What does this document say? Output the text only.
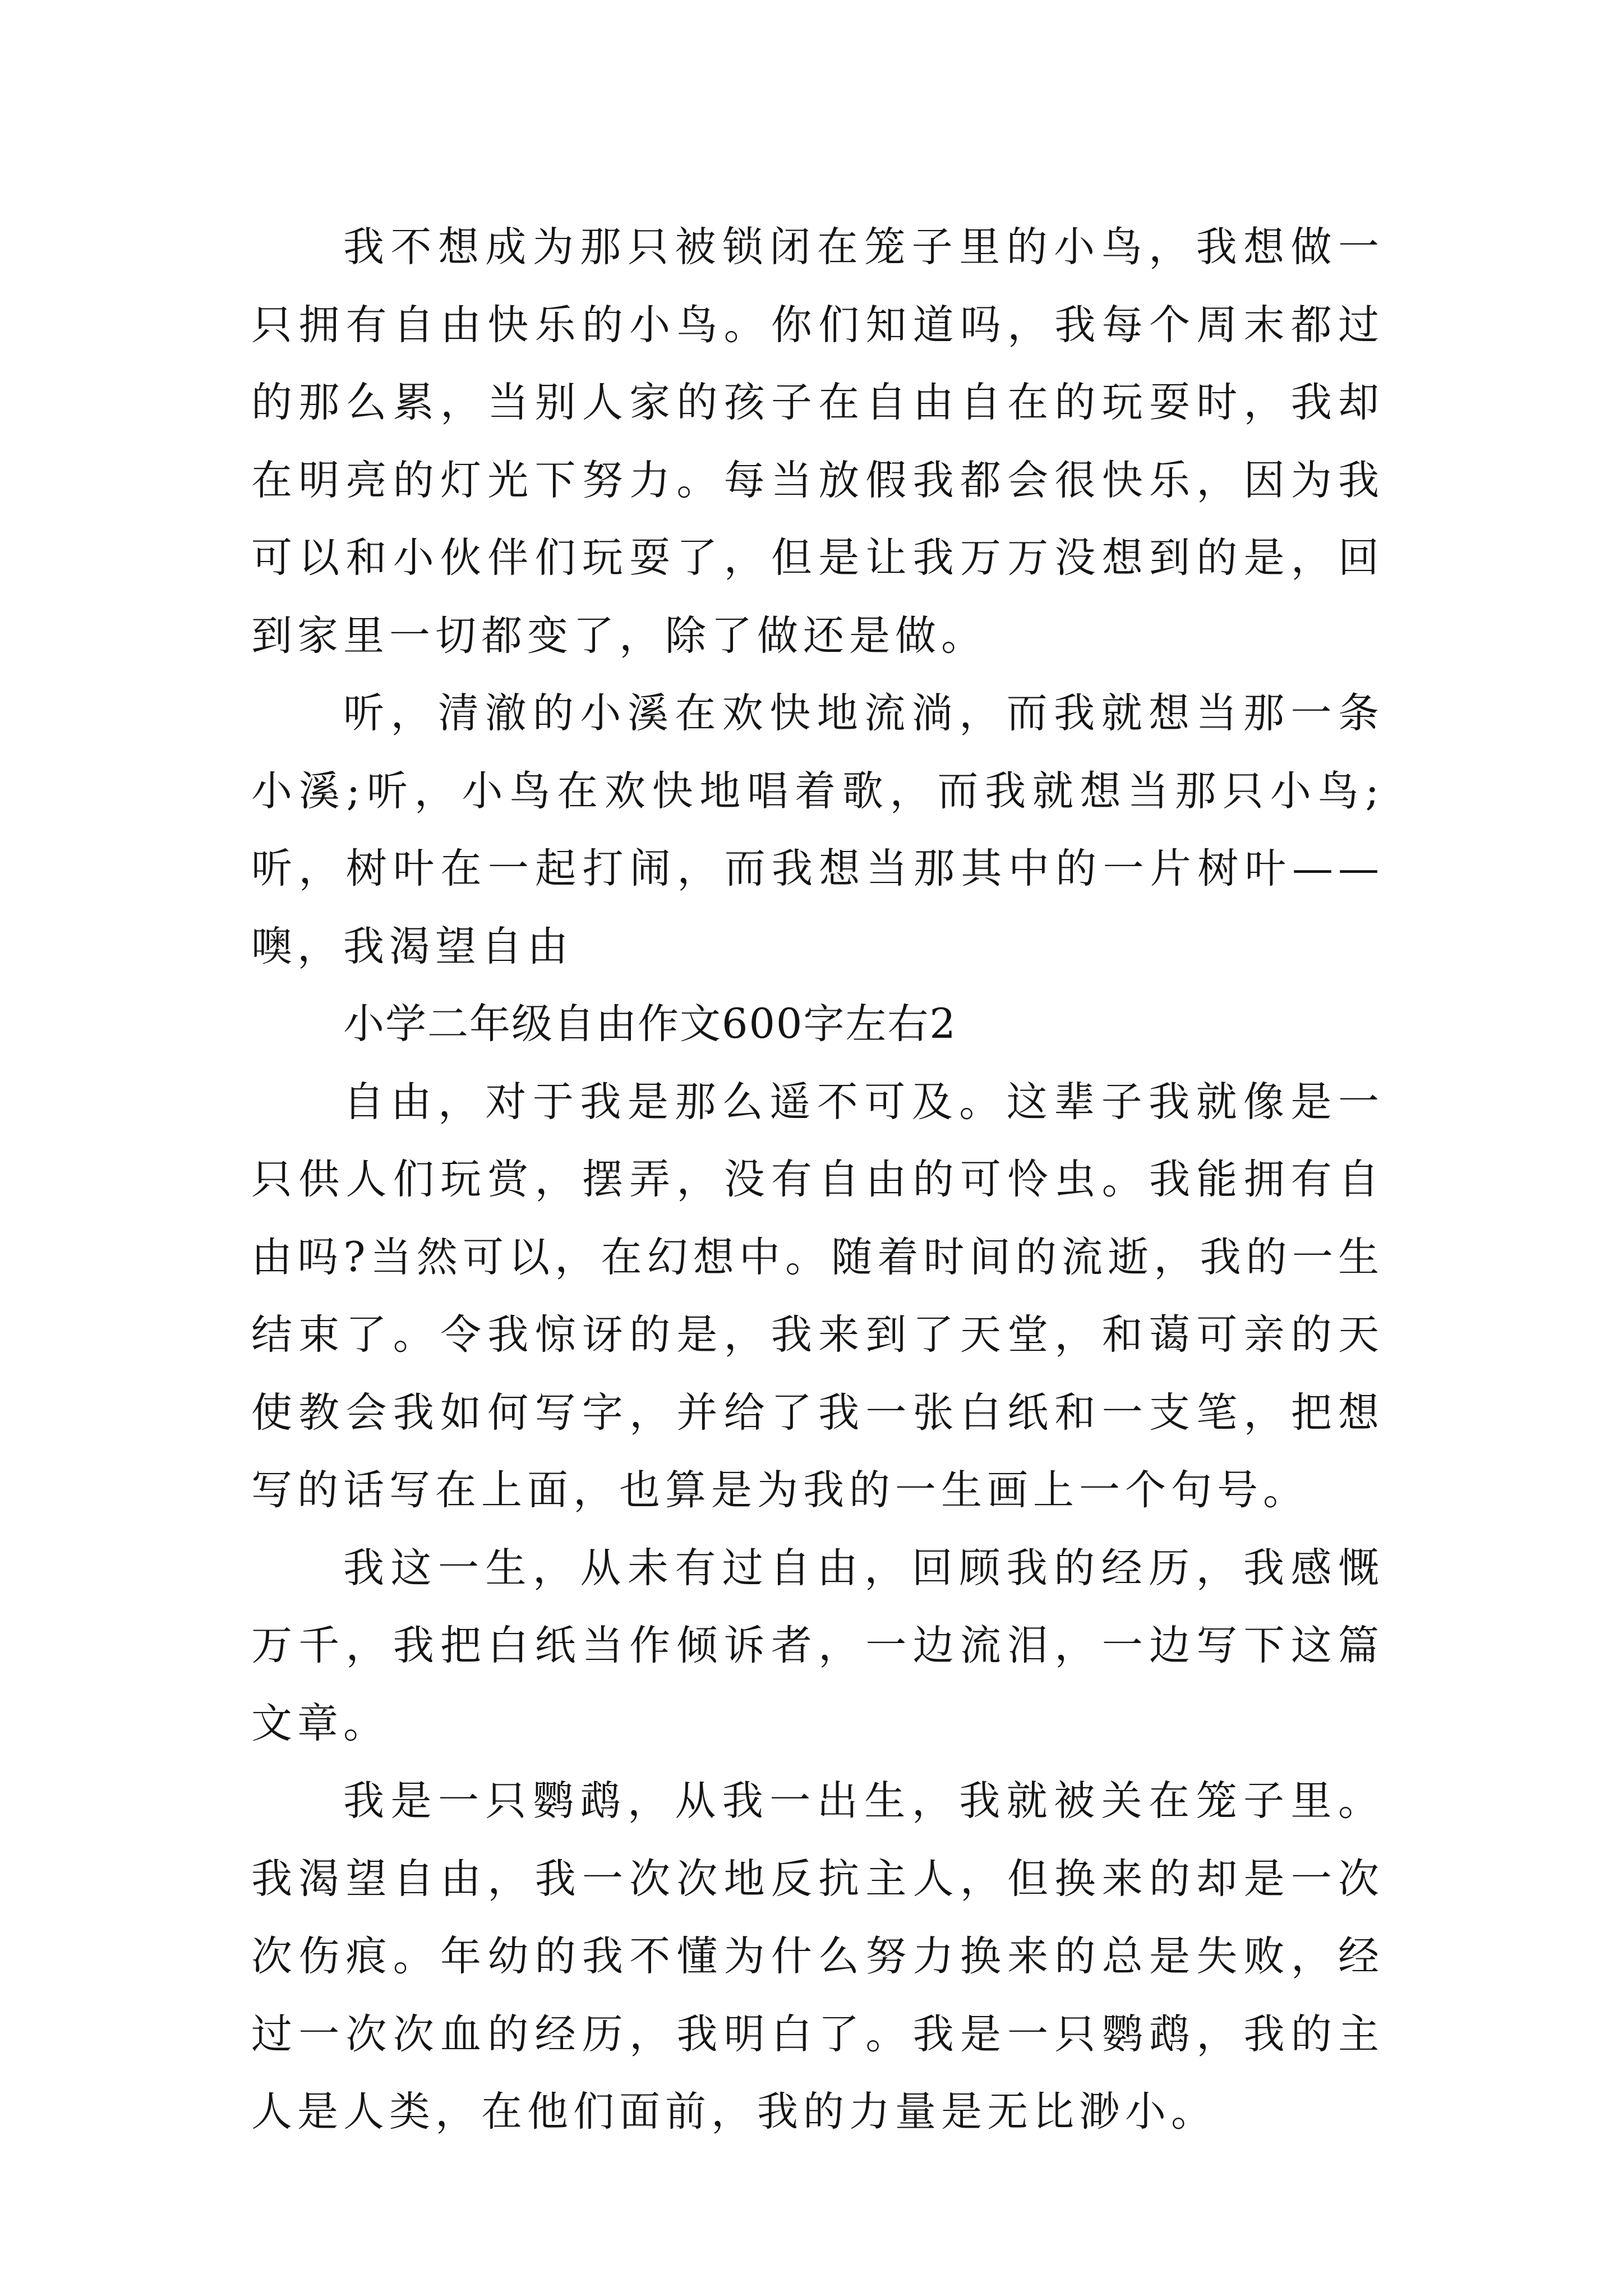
我不想成为那只被锁闭在笼子里的小鸟，我想做一只拥有自由快乐的小鸟。你们知道吗，我每个周末都过的那么累，当别人家的孩子在自由自在的玩耍时，我却在明亮的灯光下努力。每当放假我都会很快乐，因为我可以和小伙伴们玩耍了，但是让我万万没想到的是，回到家里一切都变了，除了做还是做。

听，清澈的小溪在欢快地流淌，而我就想当那一条小溪;听，小鸟在欢快地唱着歌，而我就想当那只小鸟;听，树叶在一起打闹，而我想当那其中的一片树叶——噢，我渴望自由

小学二年级自由作文600字左右2

自由，对于我是那么遥不可及。这辈子我就像是一只供人们玩赏，摆弄，没有自由的可怜虫。我能拥有自由吗?当然可以，在幻想中。随着时间的流逝，我的一生结束了。令我惊讶的是，我来到了天堂，和蔼可亲的天使教会我如何写字，并给了我一张白纸和一支笔，把想写的话写在上面，也算是为我的一生画上一个句号。

我这一生，从未有过自由，回顾我的经历，我感慨万千，我把白纸当作倾诉者，一边流泪，一边写下这篇文章。

我是一只鹦鹉，从我一出生，我就被关在笼子里。我渴望自由，我一次次地反抗主人，但换来的却是一次次伤痕。年幼的我不懂为什么努力换来的总是失败，经过一次次血的经历，我明白了。我是一只鹦鹉，我的主人是人类，在他们面前，我的力量是无比渺小。
